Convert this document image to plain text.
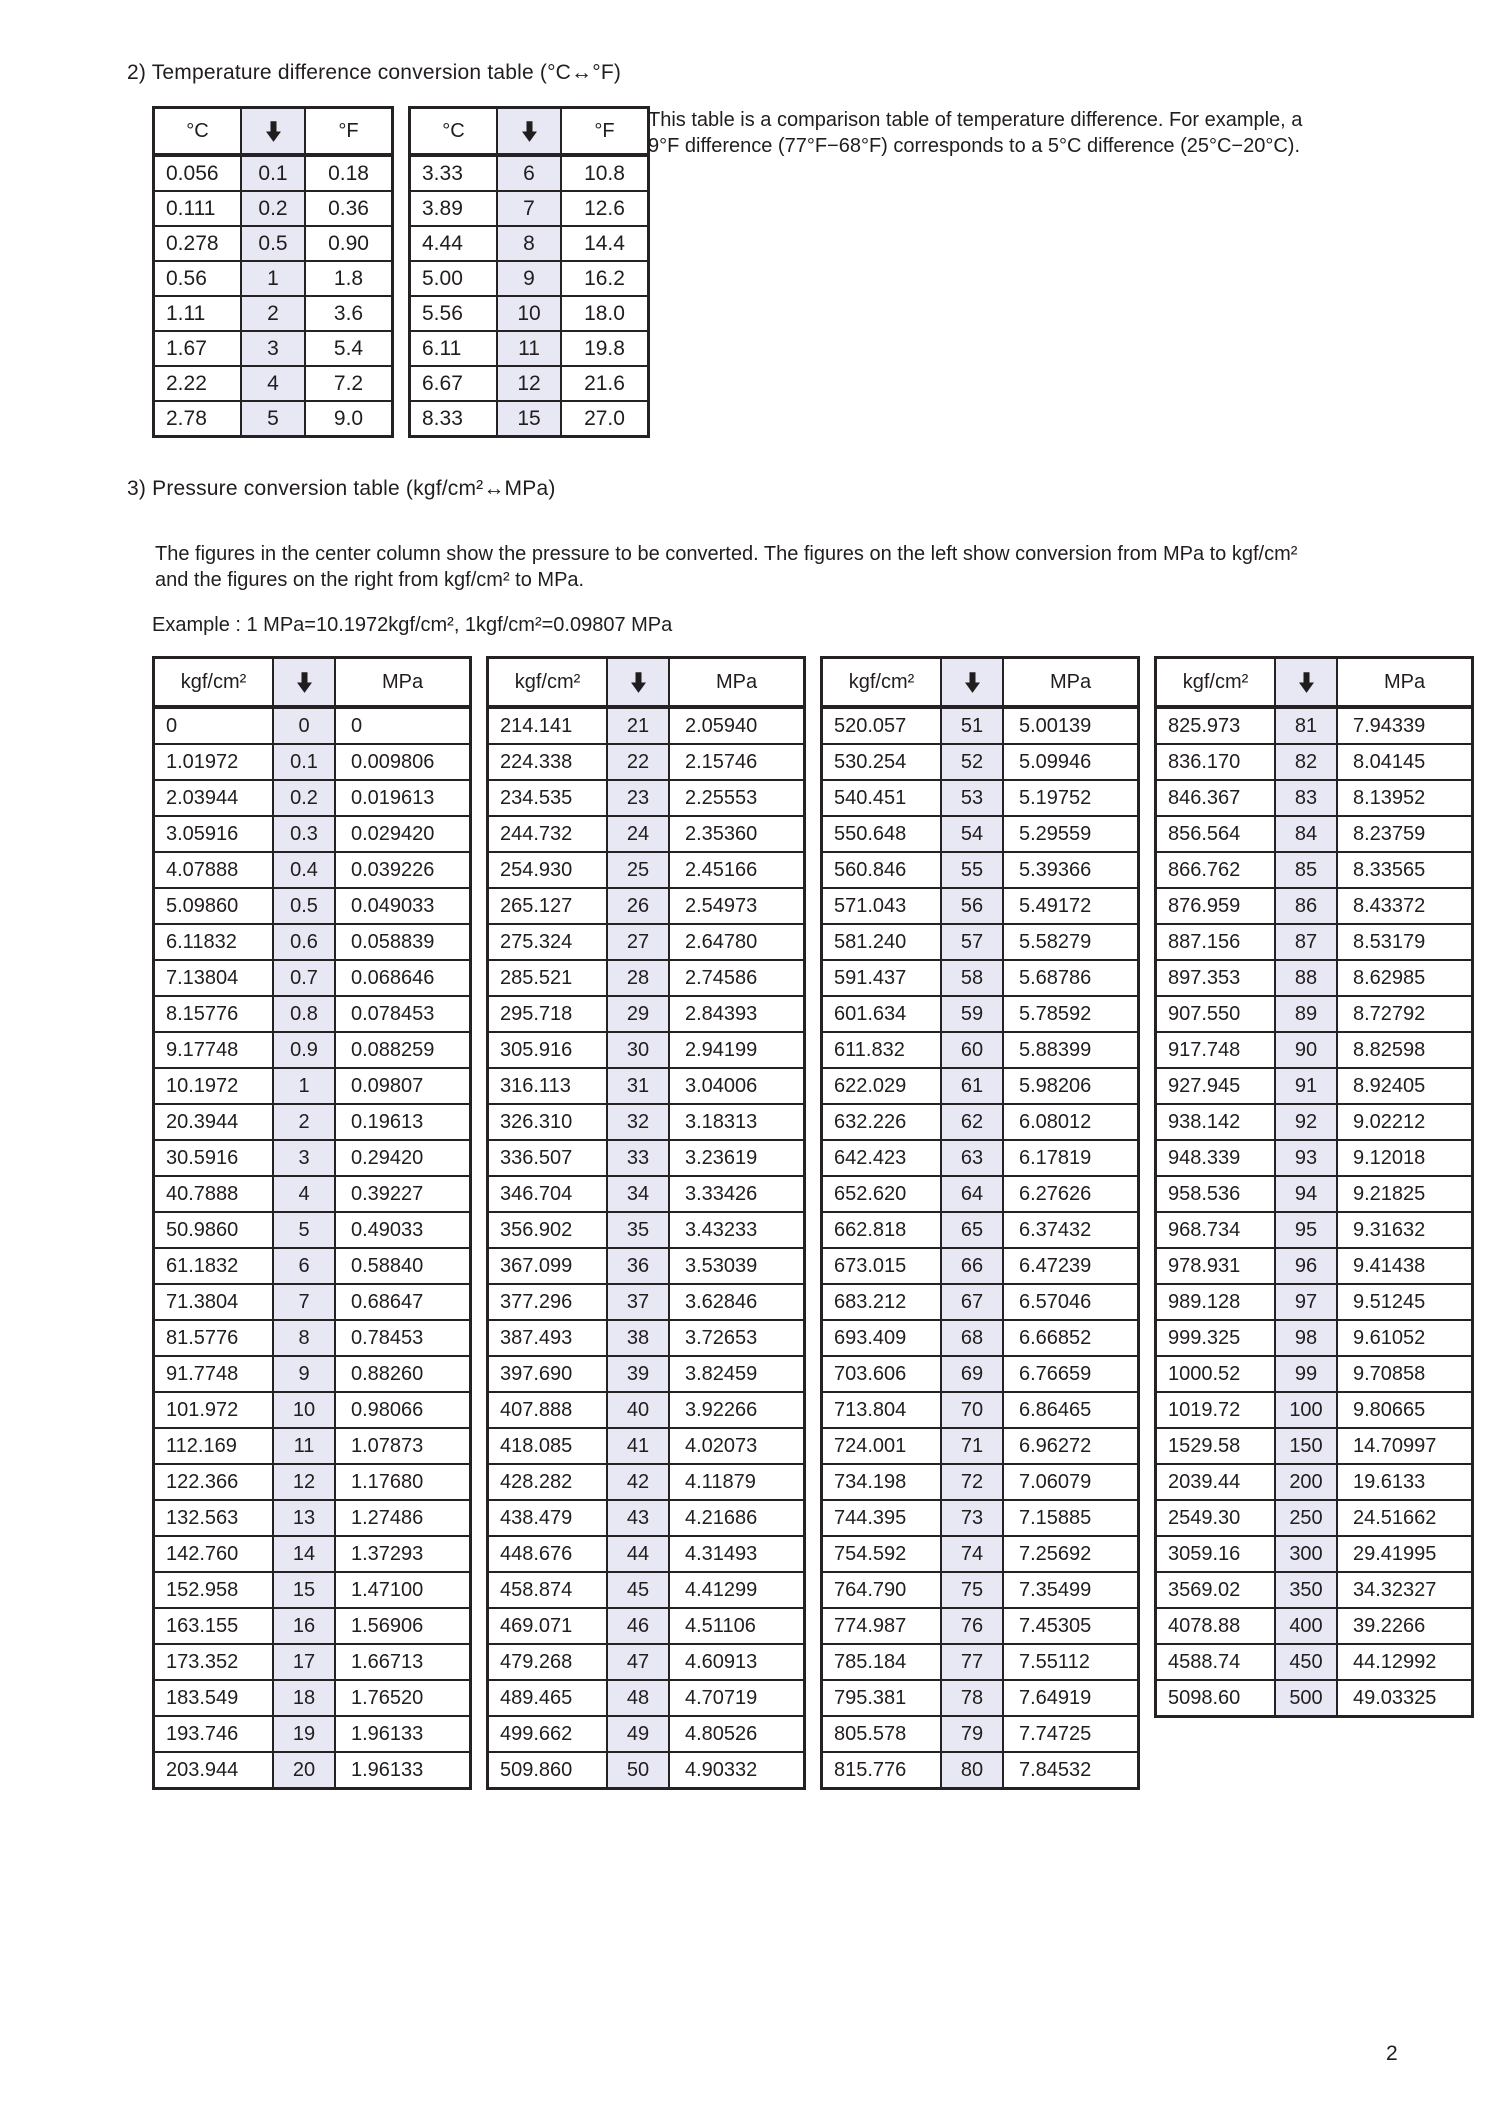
2) Temperature difference conversion table (°C↔°F)
°C		°F
0.056	0.1	0.18
0.111	0.2	0.36
0.278	0.5	0.90
0.56	1	1.8
1.11	2	3.6
1.67	3	5.4
2.22	4	7.2
2.78	5	9.0
°C		°F
3.33	6	10.8
3.89	7	12.6
4.44	8	14.4
5.00	9	16.2
5.56	10	18.0
6.11	11	19.8
6.67	12	21.6
8.33	15	27.0
This table is a comparison table of temperature difference. For example, a 9°F difference (77°F−68°F) corresponds to a 5°C difference (25°C−20°C).
3) Pressure conversion table (kgf/cm²↔MPa)
The figures in the center column show the pressure to be converted. The figures on the left show conversion from MPa to kgf/cm² and the figures on the right from kgf/cm² to MPa.
Example : 1 MPa=10.1972kgf/cm², 1kgf/cm²=0.09807 MPa
kgf/cm²		MPa
0	0	0
1.01972	0.1	0.009806
2.03944	0.2	0.019613
3.05916	0.3	0.029420
4.07888	0.4	0.039226
5.09860	0.5	0.049033
6.11832	0.6	0.058839
7.13804	0.7	0.068646
8.15776	0.8	0.078453
9.17748	0.9	0.088259
10.1972	1	0.09807
20.3944	2	0.19613
30.5916	3	0.29420
40.7888	4	0.39227
50.9860	5	0.49033
61.1832	6	0.58840
71.3804	7	0.68647
81.5776	8	0.78453
91.7748	9	0.88260
101.972	10	0.98066
112.169	11	1.07873
122.366	12	1.17680
132.563	13	1.27486
142.760	14	1.37293
152.958	15	1.47100
163.155	16	1.56906
173.352	17	1.66713
183.549	18	1.76520
193.746	19	1.96133
203.944	20	1.96133
kgf/cm²		MPa
214.141	21	2.05940
224.338	22	2.15746
234.535	23	2.25553
244.732	24	2.35360
254.930	25	2.45166
265.127	26	2.54973
275.324	27	2.64780
285.521	28	2.74586
295.718	29	2.84393
305.916	30	2.94199
316.113	31	3.04006
326.310	32	3.18313
336.507	33	3.23619
346.704	34	3.33426
356.902	35	3.43233
367.099	36	3.53039
377.296	37	3.62846
387.493	38	3.72653
397.690	39	3.82459
407.888	40	3.92266
418.085	41	4.02073
428.282	42	4.11879
438.479	43	4.21686
448.676	44	4.31493
458.874	45	4.41299
469.071	46	4.51106
479.268	47	4.60913
489.465	48	4.70719
499.662	49	4.80526
509.860	50	4.90332
kgf/cm²		MPa
520.057	51	5.00139
530.254	52	5.09946
540.451	53	5.19752
550.648	54	5.29559
560.846	55	5.39366
571.043	56	5.49172
581.240	57	5.58279
591.437	58	5.68786
601.634	59	5.78592
611.832	60	5.88399
622.029	61	5.98206
632.226	62	6.08012
642.423	63	6.17819
652.620	64	6.27626
662.818	65	6.37432
673.015	66	6.47239
683.212	67	6.57046
693.409	68	6.66852
703.606	69	6.76659
713.804	70	6.86465
724.001	71	6.96272
734.198	72	7.06079
744.395	73	7.15885
754.592	74	7.25692
764.790	75	7.35499
774.987	76	7.45305
785.184	77	7.55112
795.381	78	7.64919
805.578	79	7.74725
815.776	80	7.84532
kgf/cm²		MPa
825.973	81	7.94339
836.170	82	8.04145
846.367	83	8.13952
856.564	84	8.23759
866.762	85	8.33565
876.959	86	8.43372
887.156	87	8.53179
897.353	88	8.62985
907.550	89	8.72792
917.748	90	8.82598
927.945	91	8.92405
938.142	92	9.02212
948.339	93	9.12018
958.536	94	9.21825
968.734	95	9.31632
978.931	96	9.41438
989.128	97	9.51245
999.325	98	9.61052
1000.52	99	9.70858
1019.72	100	9.80665
1529.58	150	14.70997
2039.44	200	19.6133
2549.30	250	24.51662
3059.16	300	29.41995
3569.02	350	34.32327
4078.88	400	39.2266
4588.74	450	44.12992
5098.60	500	49.03325
2
